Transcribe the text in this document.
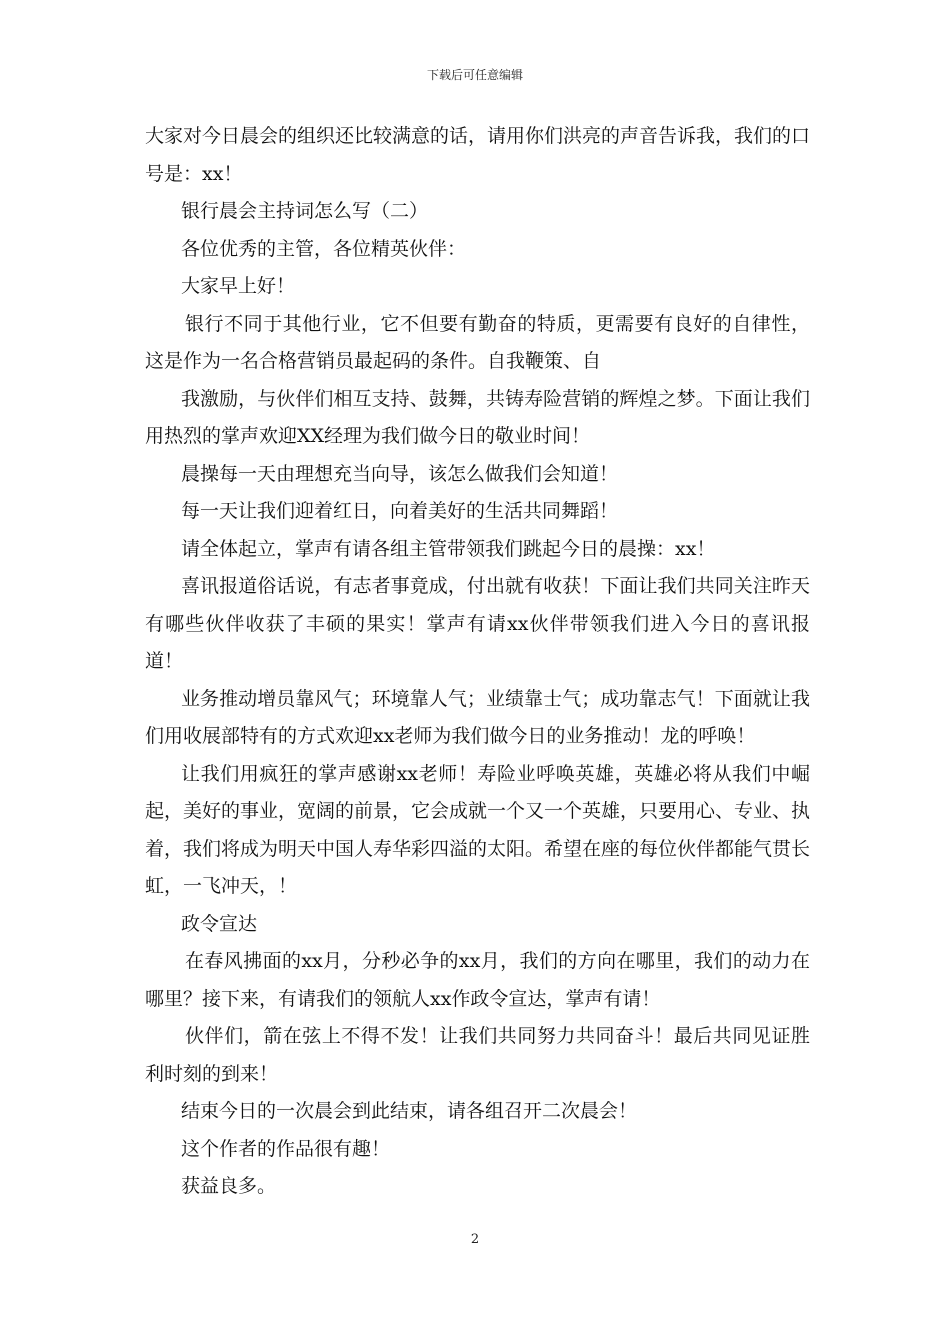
下载后可任意编辑

大家对今日晨会的组织还比较满意的话，请用你们洪亮的声音告诉我，我们的口号是：xx！

银行晨会主持词怎么写（二）

各位优秀的主管，各位精英伙伴：

大家早上好！

银行不同于其他行业，它不但要有勤奋的特质，更需要有良好的自律性，这是作为一名合格营销员最起码的条件。自我鞭策、自

我激励，与伙伴们相互支持、鼓舞，共铸寿险营销的辉煌之梦。下面让我们用热烈的掌声欢迎XX经理为我们做今日的敬业时间！

晨操每一天由理想充当向导，该怎么做我们会知道！

每一天让我们迎着红日，向着美好的生活共同舞蹈！

请全体起立，掌声有请各组主管带领我们跳起今日的晨操：xx！

喜讯报道俗话说，有志者事竟成，付出就有收获！下面让我们共同关注昨天有哪些伙伴收获了丰硕的果实！掌声有请xx伙伴带领我们进入今日的喜讯报道！

业务推动增员靠风气；环境靠人气；业绩靠士气；成功靠志气！下面就让我们用收展部特有的方式欢迎xx老师为我们做今日的业务推动！龙的呼唤！

让我们用疯狂的掌声感谢xx老师！寿险业呼唤英雄，英雄必将从我们中崛起，美好的事业，宽阔的前景，它会成就一个又一个英雄，只要用心、专业、执着，我们将成为明天中国人寿华彩四溢的太阳。希望在座的每位伙伴都能气贯长虹，一飞冲天，！

政令宣达

在春风拂面的xx月，分秒必争的xx月，我们的方向在哪里，我们的动力在哪里？接下来，有请我们的领航人xx作政令宣达，掌声有请！

伙伴们，箭在弦上不得不发！让我们共同努力共同奋斗！最后共同见证胜利时刻的到来！

结束今日的一次晨会到此结束，请各组召开二次晨会！

这个作者的作品很有趣！

获益良多。

2
